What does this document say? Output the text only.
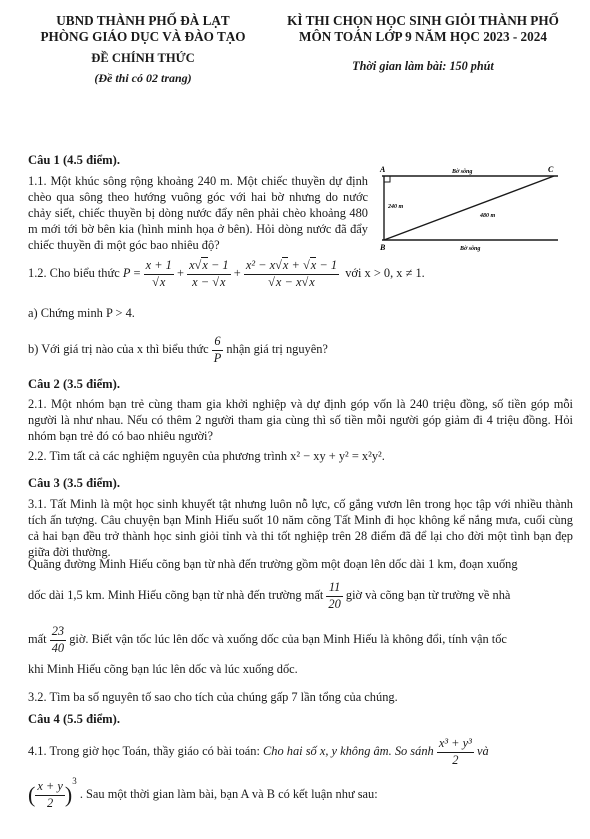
UBND THÀNH PHỐ ĐÀ LẠT
PHÒNG GIÁO DỤC VÀ ĐÀO TẠO
ĐỀ CHÍNH THỨC
(Đề thi có 02 trang)
KÌ THI CHỌN HỌC SINH GIỎI THÀNH PHỐ
MÔN TOÁN LỚP 9 NĂM HỌC 2023 - 2024
Thời gian làm bài: 150 phút
Câu 1 (4.5 điểm).
1.1. Một khúc sông rộng khoảng 240 m. Một chiếc thuyền dự định chèo qua sông theo hướng vuông góc với hai bờ nhưng do nước chảy siết, chiếc thuyền bị dòng nước đẩy nên phải chèo khoảng 480 m mới tới bờ bên kia (hình minh họa ở bên). Hỏi dòng nước đã đẩy chiếc thuyền đi một góc bao nhiêu độ?
A
B
C
Bờ sông
Bờ sông
240 m
480 m
1.2. Cho biểu thức $P = \frac{x + 1}{√x} + \frac{x√x - 1}{x - √x} + \frac{\text{x² − x√x + √x − 1}}{√x - x√x}$ với x > 0, x ≠ 1.
a) Chứng minh P > 4.
b) Với giá trị nào của x thì biểu thức $\frac{6}{P}$ nhận giá trị nguyên?
Câu 2 (3.5 điểm).
2.1. Một nhóm bạn trẻ cùng tham gia khởi nghiệp và dự định góp vốn là 240 triệu đồng, số tiền góp mỗi người là như nhau. Nếu có thêm 2 người tham gia cùng thì số tiền mỗi người góp giảm đi 4 triệu đồng. Hỏi nhóm bạn trẻ đó có bao nhiêu người?
2.2. Tìm tất cả các nghiệm nguyên của phương trình x² − xy + y² = x²y².
Câu 3 (3.5 điểm).
3.1. Tất Minh là một học sinh khuyết tật nhưng luôn nỗ lực, cố gắng vươn lên trong học tập với nhiều thành tích ấn tượng. Câu chuyện bạn Minh Hiếu suốt 10 năm cõng Tất Minh đi học không kể nắng mưa, cuối cùng cả hai bạn đều trở thành học sinh giỏi tỉnh và thi tốt nghiệp trên 28 điểm đã để lại cho đời một tình bạn đẹp giữa đời thường.
Quãng đường Minh Hiếu cõng bạn từ nhà đến trường gồm một đoạn lên dốc dài 1 km, đoạn xuống
dốc dài 1,5 km. Minh Hiếu cõng bạn từ nhà đến trường mất $\frac{11}{20}$ giờ và cõng bạn từ trường về nhà
mất $\frac{23}{40}$ giờ. Biết vận tốc lúc lên dốc và xuống dốc của bạn Minh Hiếu là không đổi, tính vận tốc
khi Minh Hiếu cõng bạn lúc lên dốc và lúc xuống dốc.
3.2. Tìm ba số nguyên tố sao cho tích của chúng gấp 7 lần tổng của chúng.
Câu 4 (5.5 điểm).
4.1. Trong giờ học Toán, thầy giáo có bài toán: Cho hai số x, y không âm. So sánh $\frac{\text{x³ + y³}}{2}$ và
( $\frac{x + y}{2} )^3$ . Sau một thời gian làm bài, bạn A và B có kết luận như sau:
